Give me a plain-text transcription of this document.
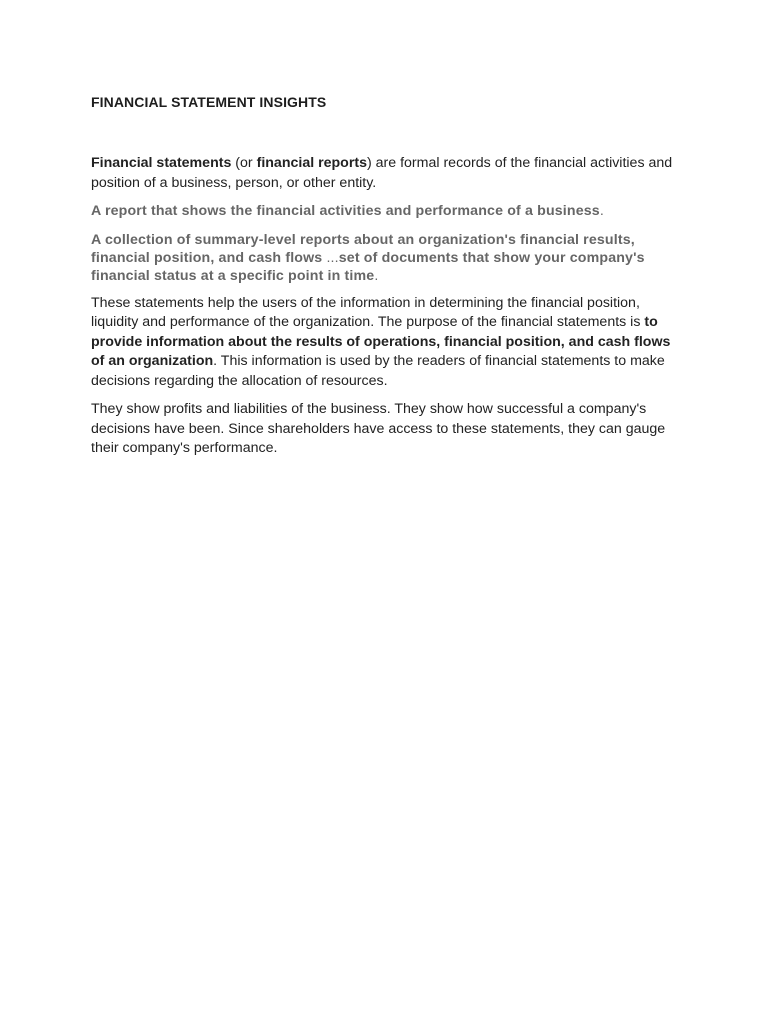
FINANCIAL STATEMENT INSIGHTS

Financial statements (or financial reports) are formal records of the financial activities and position of a business, person, or other entity.

A report that shows the financial activities and performance of a business.

A collection of summary-level reports about an organization's financial results, financial position, and cash flows ...set of documents that show your company's financial status at a specific point in time.

These statements help the users of the information in determining the financial position, liquidity and performance of the organization. The purpose of the financial statements is to provide information about the results of operations, financial position, and cash flows of an organization. This information is used by the readers of financial statements to make decisions regarding the allocation of resources.

They show profits and liabilities of the business. They show how successful a company's decisions have been. Since shareholders have access to these statements, they can gauge their company's performance.
